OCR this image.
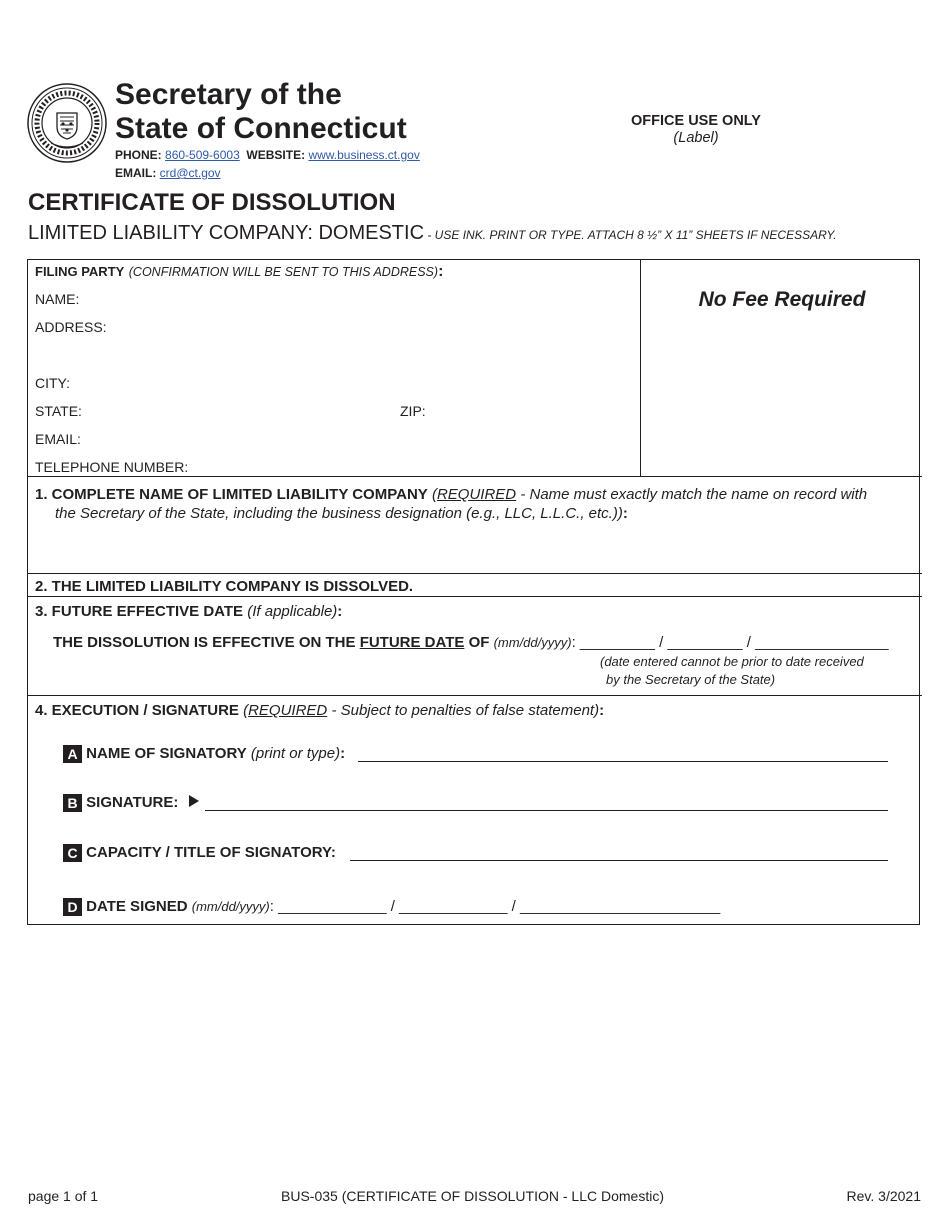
Secretary of the
State of Connecticut
PHONE: 860-509-6003 WEBSITE: www.business.ct.gov
EMAIL: crd@ct.gov
OFFICE USE ONLY
(Label)
CERTIFICATE OF DISSOLUTION
LIMITED LIABILITY COMPANY: DOMESTIC - USE INK. PRINT OR TYPE. ATTACH 8 ½” X 11” SHEETS IF NECESSARY.
FILING PARTY (CONFIRMATION WILL BE SENT TO THIS ADDRESS):
NAME:
ADDRESS:
CITY:
STATE:	ZIP:
EMAIL:
TELEPHONE NUMBER:
No Fee Required
1. COMPLETE NAME OF LIMITED LIABILITY COMPANY (REQUIRED - Name must exactly match the name on record with
the Secretary of the State, including the business designation (e.g., LLC, L.L.C., etc.)):
2. THE LIMITED LIABILITY COMPANY IS DISSOLVED.
3. FUTURE EFFECTIVE DATE (If applicable):
THE DISSOLUTION IS EFFECTIVE ON THE FUTURE DATE OF (mm/dd/yyyy): _________ / _________ / ________________
(date entered cannot be prior to date received
by the Secretary of the State)
4. EXECUTION / SIGNATURE (REQUIRED - Subject to penalties of false statement):
A NAME OF SIGNATORY (print or type):
B SIGNATURE:
C CAPACITY / TITLE OF SIGNATORY:
D DATE SIGNED (mm/dd/yyyy): _____________ / _____________ / ________________________
page 1 of 1	BUS-035 (CERTIFICATE OF DISSOLUTION - LLC Domestic)	Rev. 3/2021
